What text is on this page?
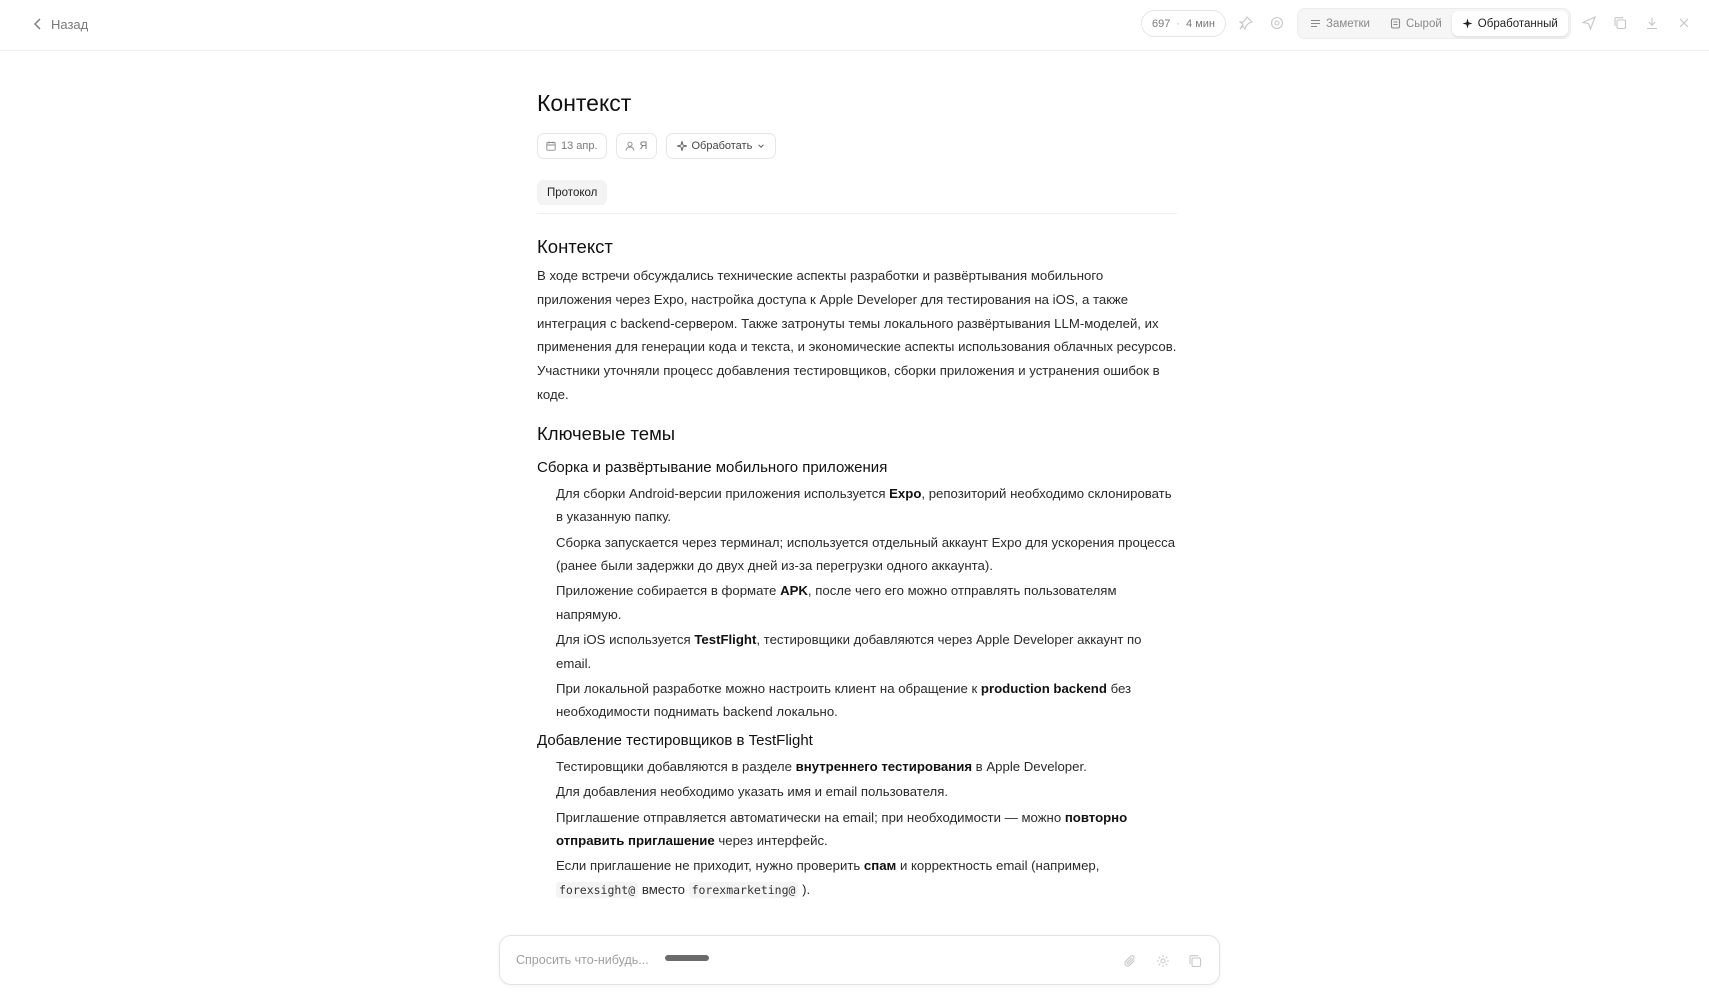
Назад	697 · 4 мин	Заметки	Сырой	Обработанный
Контекст
13 апр.	Я	Обработать
Протокол
Контекст

В ходе встречи обсуждались технические аспекты разработки и развёртывания мобильного приложения через Expo, настройка доступа к Apple Developer для тестирования на iOS, а также интеграция с backend-сервером. Также затронуты темы локального развёртывания LLM-моделей, их применения для генерации кода и текста, и экономические аспекты использования облачных ресурсов. Участники уточняли процесс добавления тестировщиков, сборки приложения и устранения ошибок в коде.

Ключевые темы
Сборка и развёртывание мобильного приложения
Для сборки Android-версии приложения используется Expo, репозиторий необходимо склонировать в указанную папку.
Сборка запускается через терминал; используется отдельный аккаунт Expo для ускорения процесса (ранее были задержки до двух дней из-за перегрузки одного аккаунта).
Приложение собирается в формате APK, после чего его можно отправлять пользователям напрямую.
Для iOS используется TestFlight, тестировщики добавляются через Apple Developer аккаунт по email.
При локальной разработке можно настроить клиент на обращение к production backend без необходимости поднимать backend локально.
Добавление тестировщиков в TestFlight
Тестировщики добавляются в разделе внутреннего тестирования в Apple Developer.
Для добавления необходимо указать имя и email пользователя.
Приглашение отправляется автоматически на email; при необходимости — можно повторно отправить приглашение через интерфейс.
Если приглашение не приходит, нужно проверить спам и корректность email (например, forexsight@ вместо forexmarketing@ ).
Спросить что-нибудь...
